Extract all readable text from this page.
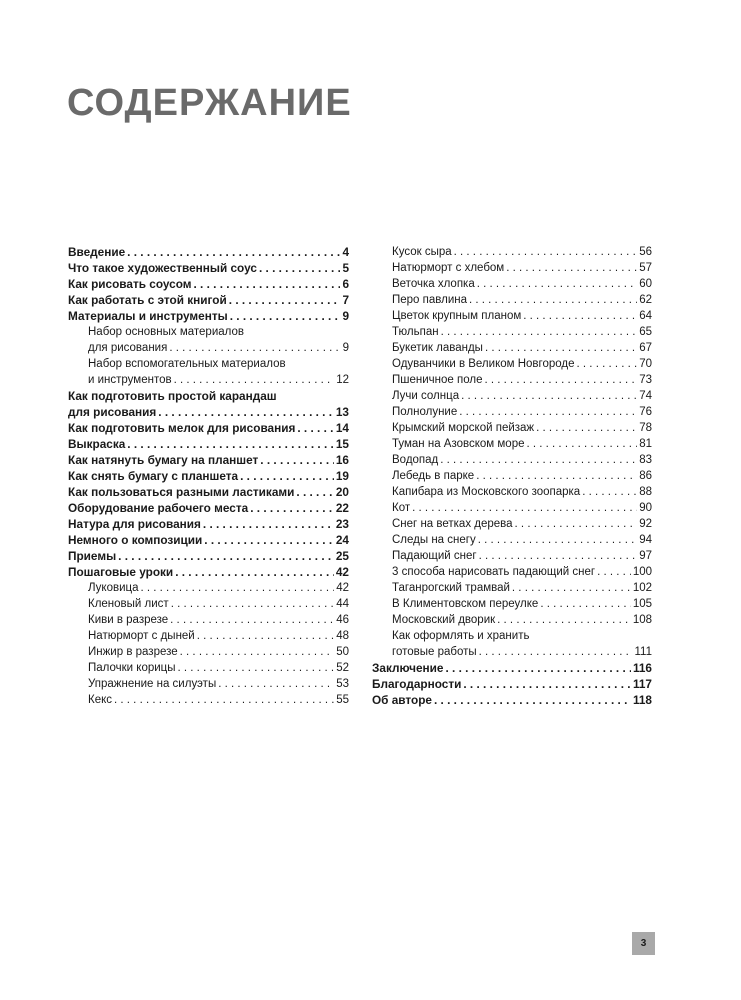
СОДЕРЖАНИЕ
Введение . . .	4
Что такое художественный соус . . .	5
Как рисовать соусом . . .	6
Как работать с этой книгой . . .	7
Материалы и инструменты . . .	9
Набор основных материалов
для рисования . . .	9
Набор вспомогательных материалов
и инструментов . . .	12
Как подготовить простой карандаш
для рисования . . .	13
Как подготовить мелок для рисования . . .	14
Выкраска . . .	15
Как натянуть бумагу на планшет . . .	16
Как снять бумагу с планшета . . .	19
Как пользоваться разными ластиками . . .	20
Оборудование рабочего места . . .	22
Натура для рисования . . .	23
Немного о композиции . . .	24
Приемы . . .	25
Пошаговые уроки . . .	42
Луковица . . .	42
Кленовый лист . . .	44
Киви в разрезе . . .	46
Натюрморт с дыней . . .	48
Инжир в разрезе . . .	50
Палочки корицы . . .	52
Упражнение на силуэты . . .	53
Кекс . . .	55
Кусок сыра . . .	56
Натюрморт с хлебом . . .	57
Веточка хлопка . . .	60
Перо павлина . . .	62
Цветок крупным планом . . .	64
Тюльпан . . .	65
Букетик лаванды . . .	67
Одуванчики в Великом Новгороде . . .	70
Пшеничное поле . . .	73
Лучи солнца . . .	74
Полнолуние . . .	76
Крымский морской пейзаж . . .	78
Туман на Азовском море . . .	81
Водопад . . .	83
Лебедь в парке . . .	86
Капибара из Московского зоопарка . . .	88
Кот . . .	90
Снег на ветках дерева . . .	92
Следы на снегу . . .	94
Падающий снег . . .	97
3 способа нарисовать падающий снег . . .	100
Таганрогский трамвай . . .	102
В Климентовском переулке . . .	105
Московский дворик . . .	108
Как оформлять и хранить
готовые работы . . .	111
Заключение . . .	116
Благодарности . . .	117
Об авторе . . .	118
3
